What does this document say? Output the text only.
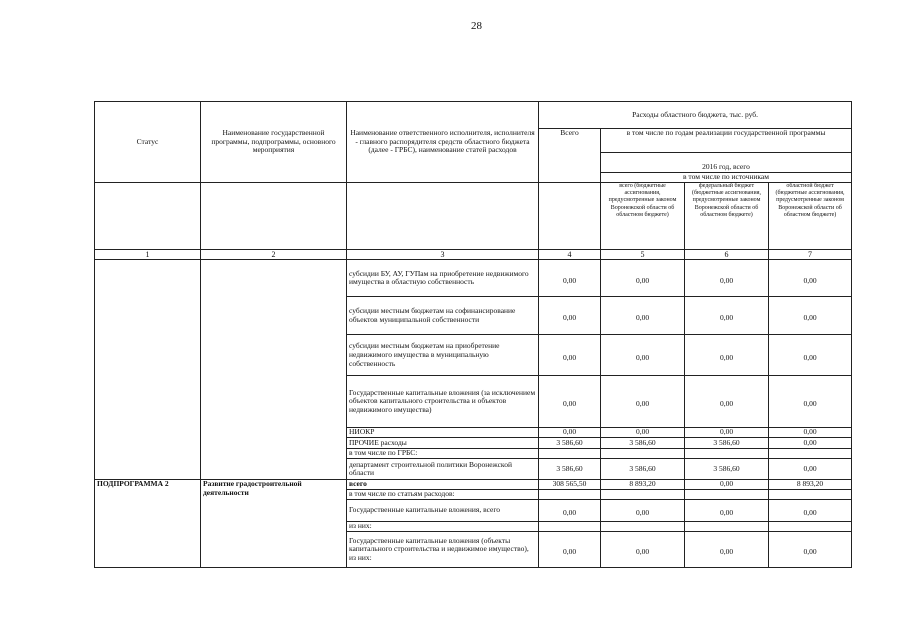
28
Статус	Наименование государственной программы, подпрограммы, основного мероприятия	Наименование ответственного исполнителя, исполнителя - главного распорядителя средств областного бюджета (далее - ГРБС), наименование статей расходов	Расходы областного бюджета, тыс. руб.			
			Всего	в том числе по годам реализации государственной программы		
				2016 год, всего		
				в том числе по источникам		
				всего (бюджетные ассигнования, предусмотренные законом Воронежской области об областном бюджете)	федеральный бюджет (бюджетные ассигнования, предусмотренные законом Воронежской области об областном бюджете)	областной бюджет (бюджетные ассигнования, предусмотренные законом Воронежской области об областном бюджете)
1	2	3	4	5	6	7
		субсидии БУ, АУ, ГУПам на приобретение недвижимого имущества в областную собственность	0,00	0,00	0,00	0,00
		субсидии местным бюджетам на софинансирование объектов муниципальной собственности	0,00	0,00	0,00	0,00
		субсидии местным бюджетам на приобретение недвижимого имущества в муниципальную собственность	0,00	0,00	0,00	0,00
		Государственные капитальные вложения (за исключением объектов капитального строительства и объектов недвижимого имущества)	0,00	0,00	0,00	0,00
		НИОКР	0,00	0,00	0,00	0,00
		ПРОЧИЕ расходы	3 586,60	3 586,60	3 586,60	0,00
		в том числе по ГРБС:				
		департамент строительной политики Воронежской области	3 586,60	3 586,60	3 586,60	0,00
ПОДПРОГРАММА 2	Развитие градостроительной деятельности	всего	308 565,50	8 893,20	0,00	8 893,20
		в том числе по статьям расходов:				
		Государственные капитальные вложения, всего	0,00	0,00	0,00	0,00
		из них:				
		Государственные капитальные вложения (объекты капитального строительства и недвижимое имущество), из них:	0,00	0,00	0,00	0,00
